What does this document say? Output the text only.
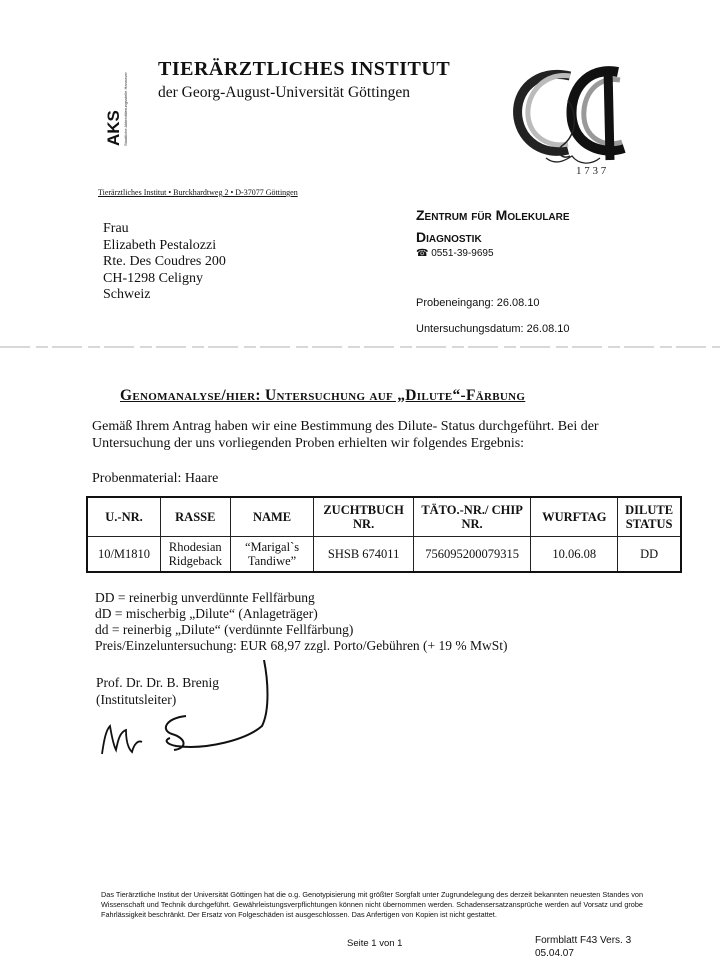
AKS Staatliche Akkreditierungsstelle Hannover
TIERÄRZTLICHES INSTITUT
der Georg-August-Universität Göttingen
1 7 3 7
Tierärztliches Institut • Burckhardtweg 2 • D-37077 Göttingen
Frau
Elizabeth Pestalozzi
Rte. Des Coudres 200
CH-1298 Celigny
Schweiz
Zentrum für Molekulare
Diagnostik
☎ 0551-39-9695
Probeneingang: 26.08.10
Untersuchungsdatum: 26.08.10
Genomanalyse/hier: Untersuchung auf „Dilute“-Färbung
Gemäß Ihrem Antrag haben wir eine Bestimmung des Dilute- Status durchgeführt. Bei der Untersuchung der uns vorliegenden Proben erhielten wir folgendes Ergebnis:
Probenmaterial: Haare
U.-NR.	RASSE	NAME	ZUCHTBUCH NR.	TÄTO.-NR./ CHIP NR.	WURFTAG	DILUTE STATUS
10/M1810	Rhodesian Ridgeback	“Marigal`s Tandiwe”	SHSB 674011	756095200079315	10.06.08	DD
DD = reinerbig unverdünnte Fellfärbung
dD = mischerbig „Dilute“ (Anlageträger)
dd = reinerbig „Dilute“ (verdünnte Fellfärbung)
Preis/Einzeluntersuchung: EUR 68,97 zzgl. Porto/Gebühren (+ 19 % MwSt)
Prof. Dr. Dr. B. Brenig
(Institutsleiter)
Das Tierärztliche Institut der Universität Göttingen hat die o.g. Genotypisierung mit größter Sorgfalt unter Zugrundelegung des derzeit bekannten neuesten Standes von Wissenschaft und Technik durchgeführt. Gewährleistungsverpflichtungen können nicht übernommen werden. Schadensersatzansprüche werden auf Vorsatz und grobe Fahrlässigkeit beschränkt. Der Ersatz von Folgeschäden ist ausgeschlossen. Das Anfertigen von Kopien ist nicht gestattet.
Seite 1 von 1	Formblatt F43 Vers. 3
05.04.07
